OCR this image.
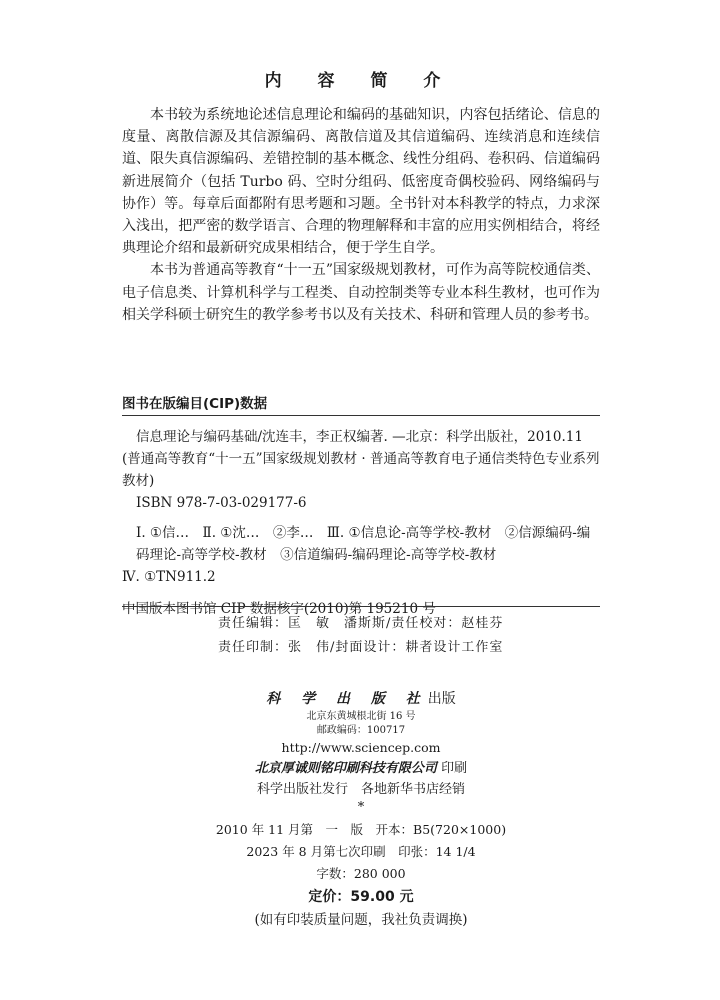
内 容 简 介

本书较为系统地论述信息理论和编码的基础知识，内容包括绪论、信息的度量、离散信源及其信源编码、离散信道及其信道编码、连续消息和连续信道、限失真信源编码、差错控制的基本概念、线性分组码、卷积码、信道编码新进展简介（包括 Turbo 码、空时分组码、低密度奇偶校验码、网络编码与协作）等。每章后面都附有思考题和习题。全书针对本科教学的特点，力求深入浅出，把严密的数学语言、合理的物理解释和丰富的应用实例相结合，将经典理论介绍和最新研究成果相结合，便于学生自学。

本书为普通高等教育“十一五”国家级规划教材，可作为高等院校通信类、电子信息类、计算机科学与工程类、自动控制类等专业本科生教材，也可作为相关学科硕士研究生的教学参考书以及有关技术、科研和管理人员的参考书。

图书在版编目(CIP)数据
信息理论与编码基础/沈连丰，李正权编著. —北京：科学出版社，2010.11
(普通高等教育“十一五”国家级规划教材 · 普通高等教育电子通信类特色专业系列教材)
ISBN 978-7-03-029177-6
Ⅰ. ①信…　Ⅱ. ①沈…　②李…　Ⅲ. ①信息论-高等学校-教材　②信源编码-编码理论-高等学校-教材　③信道编码-编码理论-高等学校-教材
Ⅳ. ①TN911.2
中国版本图书馆 CIP 数据核字(2010)第 195210 号
责任编辑：匡　敏　潘斯斯/责任校对：赵桂芬
责任印制：张　伟/封面设计：耕者设计工作室
科 学 出 版 社出版
北京东黄城根北街 16 号
邮政编码：100717
http://www.sciencep.com
北京厚诚则铭印刷科技有限公司 印刷
科学出版社发行　各地新华书店经销
*
2010 年 11 月第　一　版　开本：B5(720×1000)
2023 年 8 月第七次印刷　印张：14 1/4
字数：280 000
定价：59.00 元
(如有印装质量问题，我社负责调换)
